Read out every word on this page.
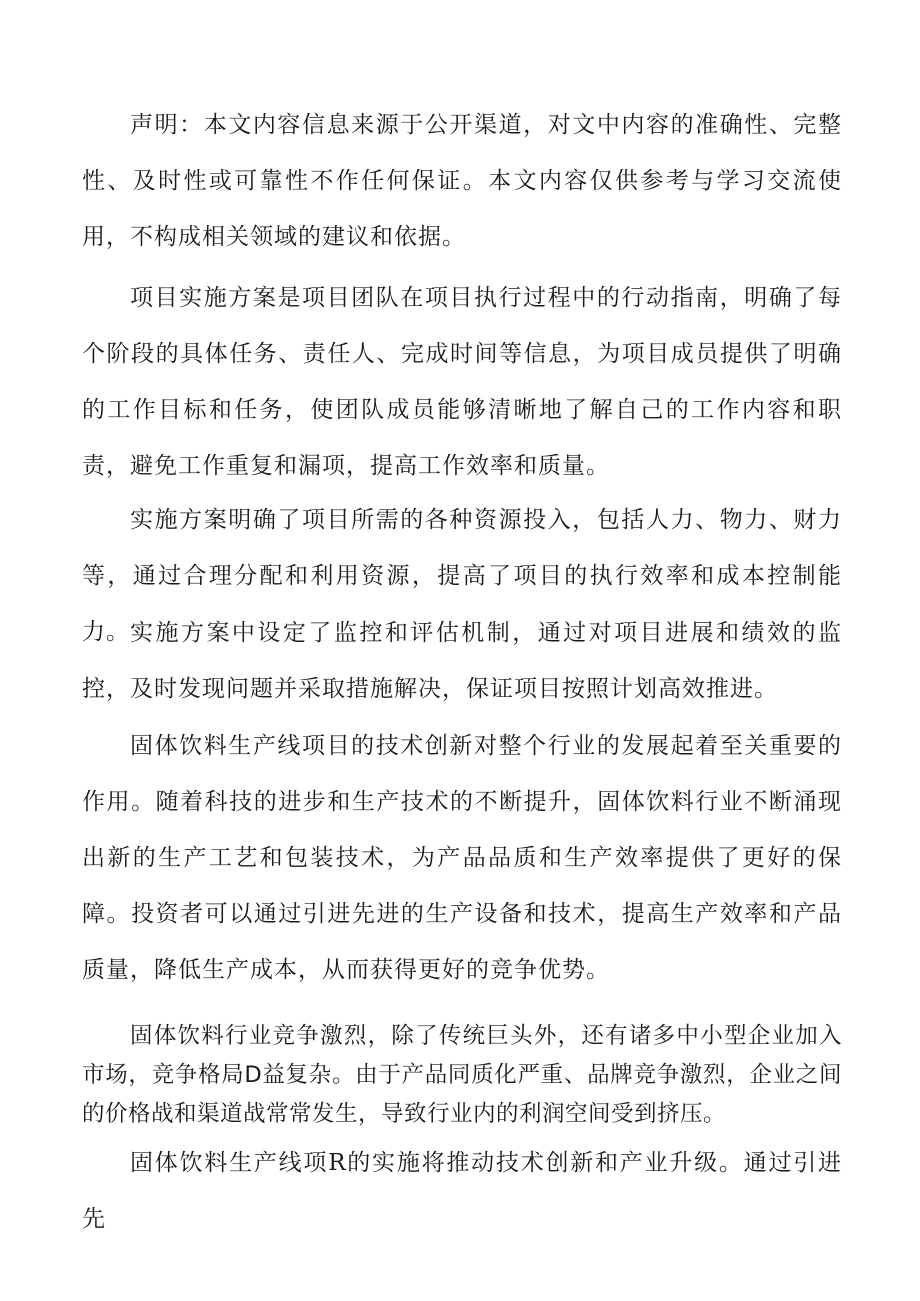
声明：本文内容信息来源于公开渠道，对文中内容的准确性、完整性、及时性或可靠性不作任何保证。本文内容仅供参考与学习交流使用，不构成相关领域的建议和依据。

项目实施方案是项目团队在项目执行过程中的行动指南，明确了每个阶段的具体任务、责任人、完成时间等信息，为项目成员提供了明确的工作目标和任务，使团队成员能够清晰地了解自己的工作内容和职责，避免工作重复和漏项，提高工作效率和质量。

实施方案明确了项目所需的各种资源投入，包括人力、物力、财力等，通过合理分配和利用资源，提高了项目的执行效率和成本控制能力。 实施方案中设定了监控和评估机制，通过对项目进展和绩效的监控，及时发现问题并采取措施解决，保证项目按照计划高效推进。

固体饮料生产线项目的技术创新对整个行业的发展起着至关重要的作用。随着科技的进步和生产技术的不断提升，固体饮料行业不断涌现出新的生产工艺和包装技术，为产品品质和生产效率提供了更好的保障。投资者可以通过引进先进的生产设备和技术，提高生产效率和产品质量，降低生产成本，从而获得更好的竞争优势。

固体饮料行业竞争激烈，除了传统巨头外，还有诸多中小型企业加入市场，竞争格局D益复杂。由于产品同质化严重、品牌竞争激烈，企业之间的价格战和渠道战常常发生，导致行业内的利润空间受到挤压。

固体饮料生产线项R的实施将推动技术创新和产业升级。通过引进先
